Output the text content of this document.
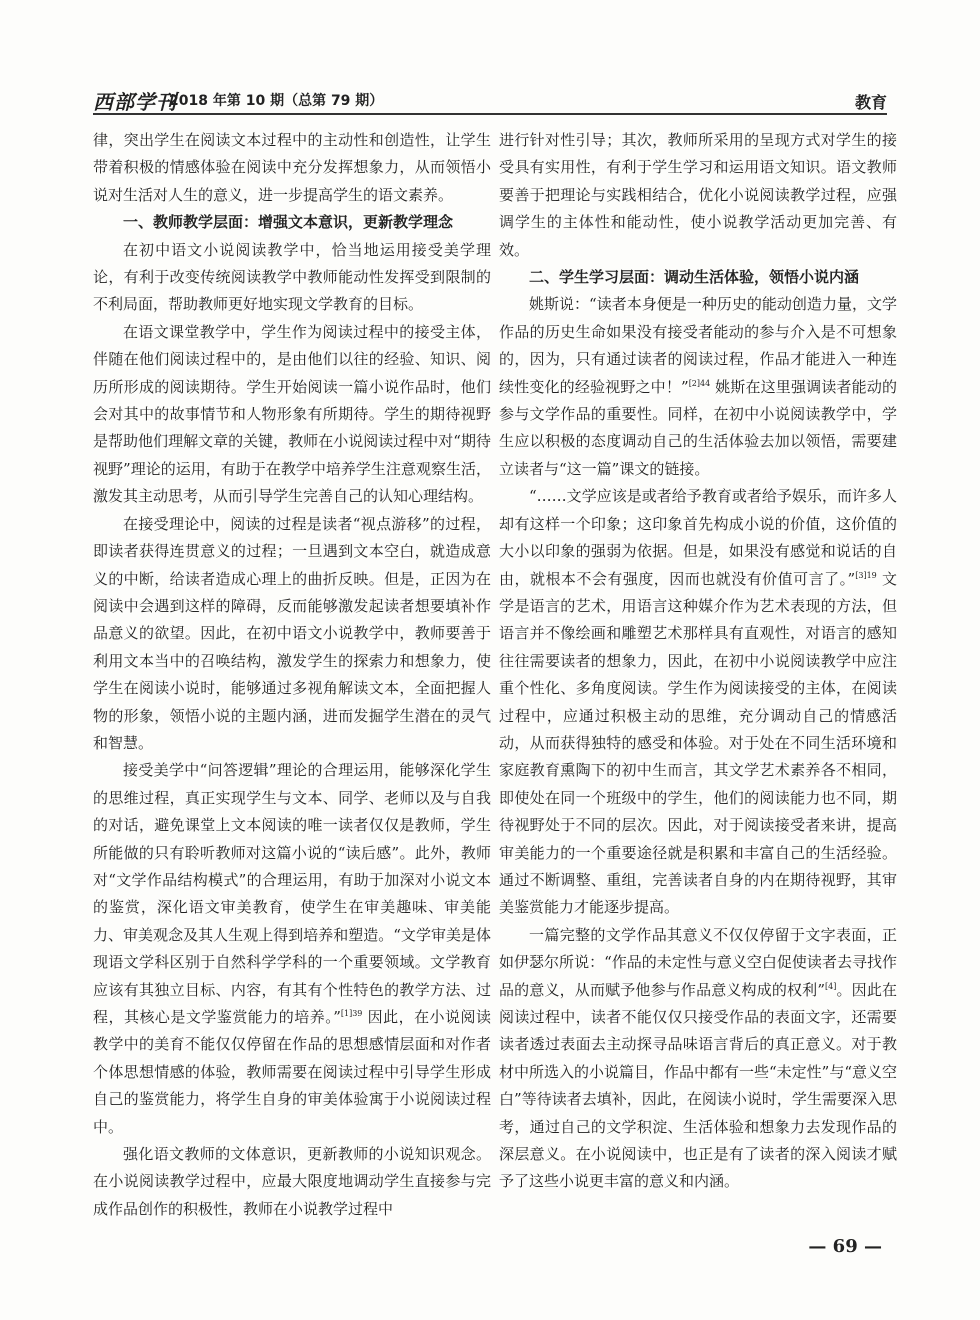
西部学刊
2018 年第 10 期（总第 79 期）	教育

律，突出学生在阅读文本过程中的主动性和创造性，让学生带着积极的情感体验在阅读中充分发挥想象力，从而领悟小说对生活对人生的意义，进一步提高学生的语文素养。

一、教师教学层面：增强文本意识，更新教学理念

在初中语文小说阅读教学中，恰当地运用接受美学理论，有利于改变传统阅读教学中教师能动性发挥受到限制的不利局面，帮助教师更好地实现文学教育的目标。

在语文课堂教学中，学生作为阅读过程中的接受主体，伴随在他们阅读过程中的，是由他们以往的经验、知识、阅历所形成的阅读期待。学生开始阅读一篇小说作品时，他们会对其中的故事情节和人物形象有所期待。学生的期待视野是帮助他们理解文章的关键，教师在小说阅读过程中对“期待视野”理论的运用，有助于在教学中培养学生注意观察生活，激发其主动思考，从而引导学生完善自己的认知心理结构。

在接受理论中，阅读的过程是读者“视点游移”的过程，即读者获得连贯意义的过程；一旦遇到文本空白，就造成意义的中断，给读者造成心理上的曲折反映。但是，正因为在阅读中会遇到这样的障碍，反而能够激发起读者想要填补作品意义的欲望。因此，在初中语文小说教学中，教师要善于利用文本当中的召唤结构，激发学生的探索力和想象力，使学生在阅读小说时，能够通过多视角解读文本，全面把握人物的形象，领悟小说的主题内涵，进而发掘学生潜在的灵气和智慧。

接受美学中“问答逻辑”理论的合理运用，能够深化学生的思维过程，真正实现学生与文本、同学、老师以及与自我的对话，避免课堂上文本阅读的唯一读者仅仅是教师，学生所能做的只有聆听教师对这篇小说的“读后感”。此外，教师对“文学作品结构模式”的合理运用，有助于加深对小说文本的鉴赏，深化语文审美教育，使学生在审美趣味、审美能力、审美观念及其人生观上得到培养和塑造。“文学审美是体现语文学科区别于自然科学学科的一个重要领域。文学教育应该有其独立目标、内容，有其有个性特色的教学方法、过程，其核心是文学鉴赏能力的培养。”$^{[1]39}$ 因此，在小说阅读教学中的美育不能仅仅停留在作品的思想感情层面和对作者个体思想情感的体验，教师需要在阅读过程中引导学生形成自己的鉴赏能力，将学生自身的审美体验寓于小说阅读过程中。

强化语文教师的文体意识，更新教师的小说知识观念。在小说阅读教学过程中，应最大限度地调动学生直接参与完成作品创作的积极性，教师在小说教学过程中

进行针对性引导；其次，教师所采用的呈现方式对学生的接受具有实用性，有利于学生学习和运用语文知识。语文教师要善于把理论与实践相结合，优化小说阅读教学过程，应强调学生的主体性和能动性，使小说教学活动更加完善、有效。

二、学生学习层面：调动生活体验，领悟小说内涵

姚斯说：“读者本身便是一种历史的能动创造力量，文学作品的历史生命如果没有接受者能动的参与介入是不可想象的，因为，只有通过读者的阅读过程，作品才能进入一种连续性变化的经验视野之中！”$^{[2]44}$ 姚斯在这里强调读者能动的参与文学作品的重要性。同样，在初中小说阅读教学中，学生应以积极的态度调动自己的生活体验去加以领悟，需要建立读者与“这一篇”课文的链接。

“……文学应该是或者给予教育或者给予娱乐，而许多人却有这样一个印象；这印象首先构成小说的价值，这价值的大小以印象的强弱为依据。但是，如果没有感觉和说话的自由，就根本不会有强度，因而也就没有价值可言了。”$^{[3]19}$ 文学是语言的艺术，用语言这种媒介作为艺术表现的方法，但语言并不像绘画和雕塑艺术那样具有直观性，对语言的感知往往需要读者的想象力，因此，在初中小说阅读教学中应注重个性化、多角度阅读。学生作为阅读接受的主体，在阅读过程中，应通过积极主动的思维，充分调动自己的情感活动，从而获得独特的感受和体验。对于处在不同生活环境和家庭教育熏陶下的初中生而言，其文学艺术素养各不相同，即使处在同一个班级中的学生，他们的阅读能力也不同，期待视野处于不同的层次。因此，对于阅读接受者来讲，提高审美能力的一个重要途径就是积累和丰富自己的生活经验。通过不断调整、重组，完善读者自身的内在期待视野，其审美鉴赏能力才能逐步提高。

一篇完整的文学作品其意义不仅仅停留于文字表面，正如伊瑟尔所说：“作品的未定性与意义空白促使读者去寻找作品的意义，从而赋予他参与作品意义构成的权利”[4]。因此在阅读过程中，读者不能仅仅只接受作品的表面文字，还需要读者透过表面去主动探寻品味语言背后的真正意义。对于教材中所选入的小说篇目，作品中都有一些“未定性”与“意义空白”等待读者去填补，因此，在阅读小说时，学生需要深入思考，通过自己的文学积淀、生活体验和想象力去发现作品的深层意义。在小说阅读中，也正是有了读者的深入阅读才赋予了这些小说更丰富的意义和内涵。

— 69 —
